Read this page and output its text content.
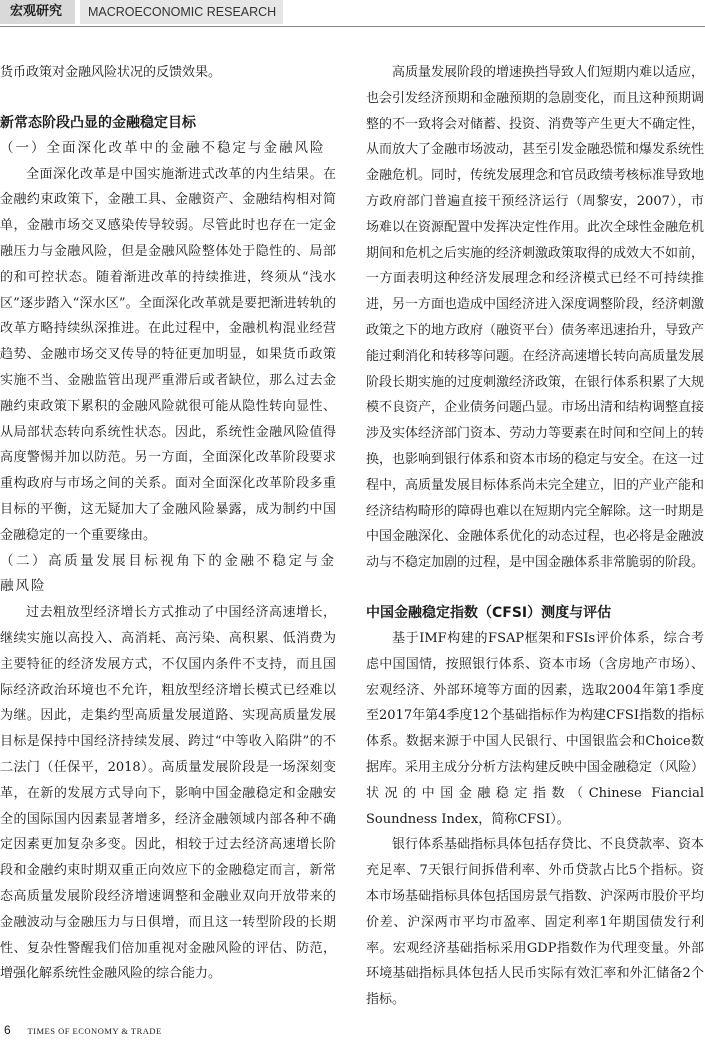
宏观研究	MACROECONOMIC RESEARCH

货币政策对金融风险状况的反馈效果。

新常态阶段凸显的金融稳定目标
（一）全面深化改革中的金融不稳定与金融风险

全面深化改革是中国实施渐进式改革的内生结果。在金融约束政策下，金融工具、金融资产、金融结构相对简单，金融市场交叉感染传导较弱。尽管此时也存在一定金融压力与金融风险，但是金融风险整体处于隐性的、局部的和可控状态。随着渐进改革的持续推进，终须从“浅水区”逐步踏入“深水区”。全面深化改革就是要把渐进转轨的改革方略持续纵深推进。在此过程中，金融机构混业经营趋势、金融市场交叉传导的特征更加明显，如果货币政策实施不当、金融监管出现严重滞后或者缺位，那么过去金融约束政策下累积的金融风险就很可能从隐性转向显性、从局部状态转向系统性状态。因此，系统性金融风险值得高度警惕并加以防范。另一方面，全面深化改革阶段要求重构政府与市场之间的关系。面对全面深化改革阶段多重目标的平衡，这无疑加大了金融风险暴露，成为制约中国金融稳定的一个重要缘由。

（二）高质量发展目标视角下的金融不稳定与金融风险

过去粗放型经济增长方式推动了中国经济高速增长，继续实施以高投入、高消耗、高污染、高积累、低消费为主要特征的经济发展方式，不仅国内条件不支持，而且国际经济政治环境也不允许，粗放型经济增长模式已经难以为继。因此，走集约型高质量发展道路、实现高质量发展目标是保持中国经济持续发展、跨过“中等收入陷阱”的不二法门（任保平，2018）。高质量发展阶段是一场深刻变革，在新的发展方式导向下，影响中国金融稳定和金融安全的国际国内因素显著增多，经济金融领域内部各种不确定因素更加复杂多变。因此，相较于过去经济高速增长阶段和金融约束时期双重正向效应下的金融稳定而言，新常态高质量发展阶段经济增速调整和金融业双向开放带来的金融波动与金融压力与日俱增，而且这一转型阶段的长期性、复杂性警醒我们倍加重视对金融风险的评估、防范，增强化解系统性金融风险的综合能力。

高质量发展阶段的增速换挡导致人们短期内难以适应，也会引发经济预期和金融预期的急剧变化，而且这种预期调整的不一致将会对储蓄、投资、消费等产生更大不确定性，从而放大了金融市场波动，甚至引发金融恐慌和爆发系统性金融危机。同时，传统发展理念和官员政绩考核标准导致地方政府部门普遍直接干预经济运行（周黎安，2007），市场难以在资源配置中发挥决定性作用。此次全球性金融危机期间和危机之后实施的经济刺激政策取得的成效大不如前，一方面表明这种经济发展理念和经济模式已经不可持续推进，另一方面也造成中国经济进入深度调整阶段，经济刺激政策之下的地方政府（融资平台）债务率迅速抬升，导致产能过剩消化和转移等问题。在经济高速增长转向高质量发展阶段长期实施的过度刺激经济政策，在银行体系积累了大规模不良资产，企业债务问题凸显。市场出清和结构调整直接涉及实体经济部门资本、劳动力等要素在时间和空间上的转换，也影响到银行体系和资本市场的稳定与安全。在这一过程中，高质量发展目标体系尚未完全建立，旧的产业产能和经济结构畸形的障碍也难以在短期内完全解除。这一时期是中国金融深化、金融体系优化的动态过程，也必将是金融波动与不稳定加剧的过程，是中国金融体系非常脆弱的阶段。

中国金融稳定指数（CFSI）测度与评估

基于IMF构建的FSAP框架和FSIs评价体系，综合考虑中国国情，按照银行体系、资本市场（含房地产市场）、宏观经济、外部环境等方面的因素，选取2004年第1季度至2017年第4季度12个基础指标作为构建CFSI指数的指标体系。数据来源于中国人民银行、中国银监会和Choice数据库。采用主成分分析方法构建反映中国金融稳定（风险）状况的中国金融稳定指数（Chinese Fiancial Soundness Index，简称CFSI）。

银行体系基础指标具体包括存贷比、不良贷款率、资本充足率、7天银行间拆借利率、外币贷款占比5个指标。资本市场基础指标具体包括国房景气指数、沪深两市股价平均价差、沪深两市平均市盈率、固定利率1年期国债发行利率。宏观经济基础指标采用GDP指数作为代理变量。外部环境基础指标具体包括人民币实际有效汇率和外汇储备2个指标。

6 TIMES OF ECONOMY & TRADE
